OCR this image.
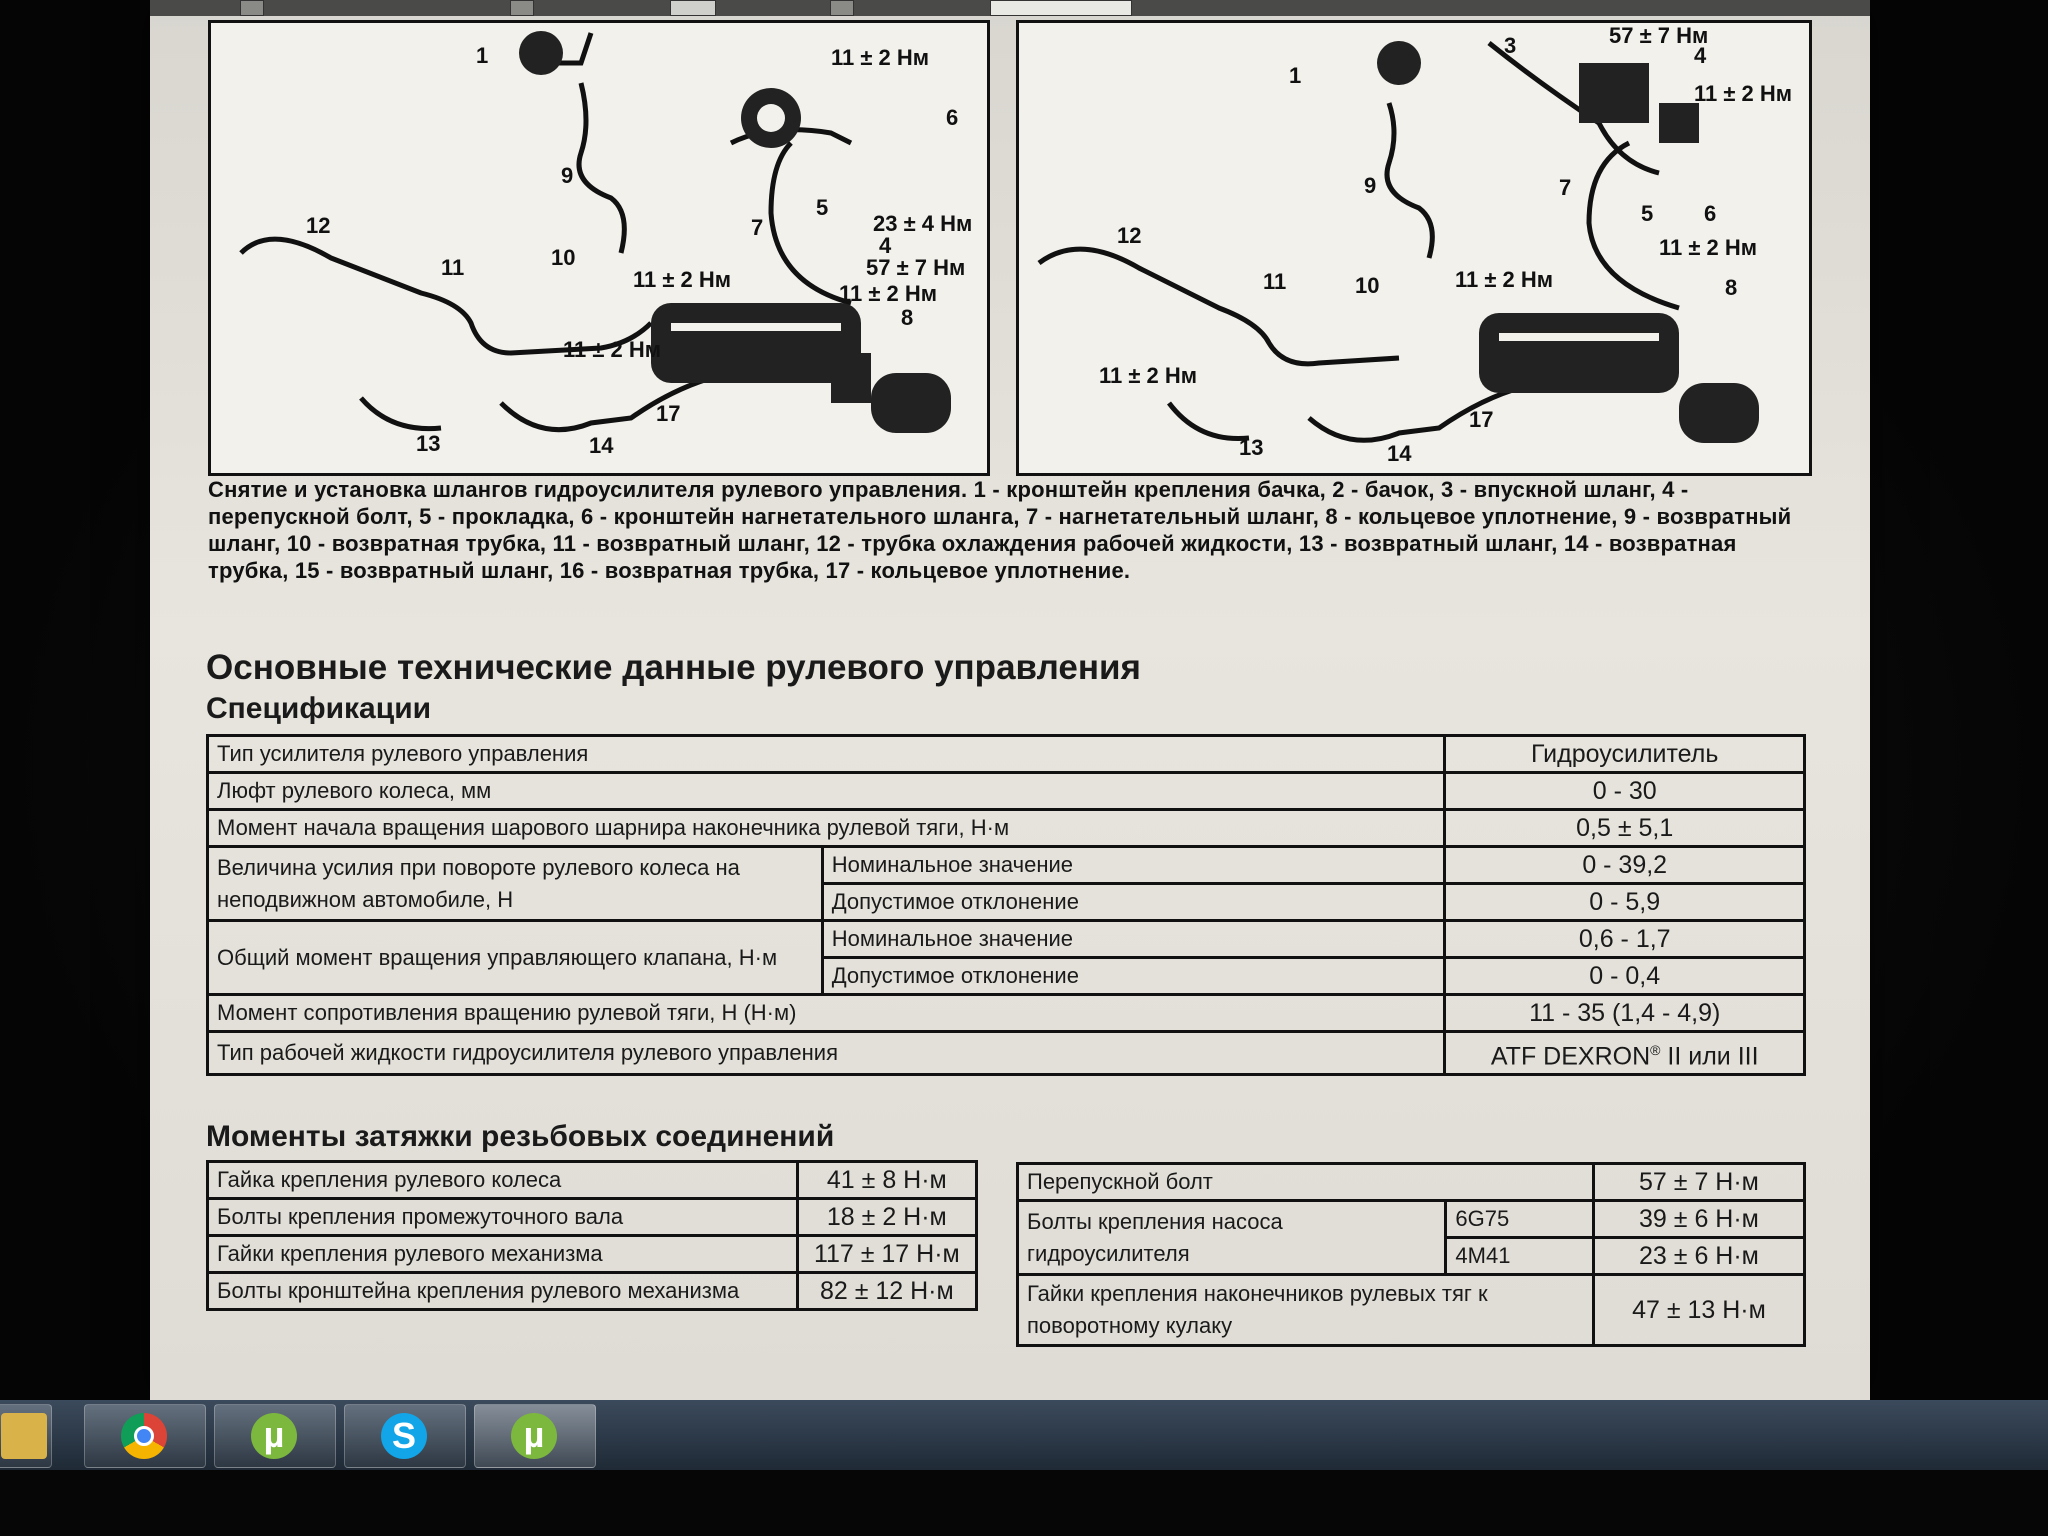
1	11 ± 2 Нм
6
9
5
23 ± 4 Нм
4
7
57 ± 7 Нм
11 ± 2 Нм
12
11	10
11 ± 2 Нм
8
11 ± 2 Нм
13	14
17
57 ± 7 Нм
1
3	4
11 ± 2 Нм
9	7
5 6
11 ± 2 Нм
12
11	10	11 ± 2 Нм	8
11 ± 2 Нм
13	14
17
Снятие и установка шлангов гидроусилителя рулевого управления. 1 - кронштейн крепления бачка, 2 - бачок, 3 - впускной шланг, 4 - перепускной болт, 5 - прокладка, 6 - кронштейн нагнетательного шланга, 7 - нагнетательный шланг, 8 - кольцевое уплотнение, 9 - возвратный шланг, 10 - возвратная трубка, 11 - возвратный шланг, 12 - трубка охлаждения рабочей жидкости, 13 - возвратный шланг, 14 - возвратная трубка, 15 - возвратный шланг, 16 - возвратная трубка, 17 - кольцевое уплотнение.
Основные технические данные рулевого управления
Спецификации
Тип усилителя рулевого управления		Гидроусилитель
Люфт рулевого колеса, мм		0 - 30
Момент начала вращения шарового шарнира наконечника рулевой тяги, Н·м		0,5 ± 5,1
Величина усилия при повороте рулевого колеса на неподвижном автомобиле, Н	Номинальное значение	0 - 39,2
	Допустимое отклонение	0 - 5,9
Общий момент вращения управляющего клапана, Н·м	Номинальное значение	0,6 - 1,7
	Допустимое отклонение	0 - 0,4
Момент сопротивления вращению рулевой тяги, Н (Н·м)		11 - 35 (1,4 - 4,9)
Тип рабочей жидкости гидроусилителя рулевого управления		ATF DEXRON® II или III
Моменты затяжки резьбовых соединений
Гайка крепления рулевого колеса	41 ± 8 Н·м
Болты крепления промежуточного вала	18 ± 2 Н·м
Гайки крепления рулевого механизма	117 ± 17 Н·м
Болты кронштейна крепления рулевого механизма	82 ± 12 Н·м
Перепускной болт		57 ± 7 Н·м
Болты крепления насоса гидроусилителя	6G75	39 ± 6 Н·м
	4M41	23 ± 6 Н·м
Гайки крепления наконечников рулевых тяг к поворотному кулаку		47 ± 13 Н·м
µ	S	µ
